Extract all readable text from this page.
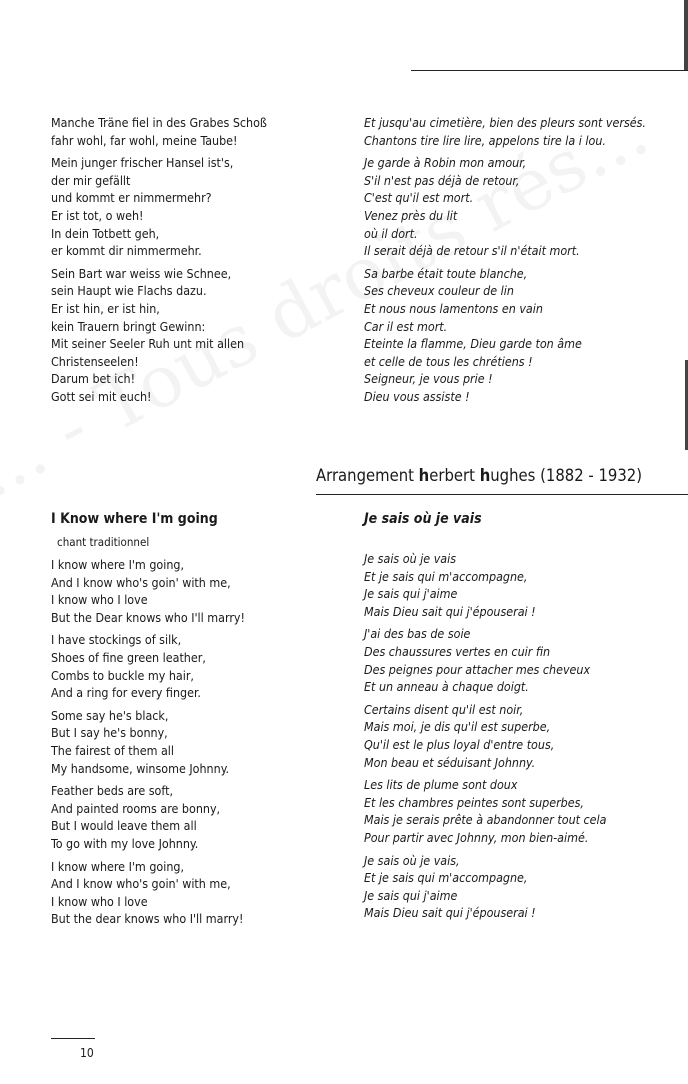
Manche Träne fiel in des Grabes Schoß
fahr wohl, far wohl, meine Taube!
Mein junger frischer Hansel ist's,
der mir gefällt
und kommt er nimmermehr?
Er ist tot, o weh!
In dein Totbett geh,
er kommt dir nimmermehr.
Sein Bart war weiss wie Schnee,
sein Haupt wie Flachs dazu.
Er ist hin, er ist hin,
kein Trauern bringt Gewinn:
Mit seiner Seeler Ruh unt mit allen
Christenseelen!
Darum bet ich!
Gott sei mit euch!
Et jusqu'au cimetière, bien des pleurs sont versés.
Chantons tire lire lire, appelons tire la i lou.
Je garde à Robin mon amour,
S'il n'est pas déjà de retour,
C'est qu'il est mort.
Venez près du lit
où il dort.
Il serait déjà de retour s'il n'était mort.
Sa barbe était toute blanche,
Ses cheveux couleur de lin
Et nous nous lamentons en vain
Car il est mort.
Eteinte la flamme, Dieu garde ton âme
et celle de tous les chrétiens !
Seigneur, je vous prie !
Dieu vous assiste !
Arrangement herbert hughes (1882 - 1932)
I Know where I'm going
chant traditionnel
I know where I'm going,
And I know who's goin' with me,
I know who I love
But the Dear knows who I'll marry!
I have stockings of silk,
Shoes of fine green leather,
Combs to buckle my hair,
And a ring for every finger.
Some say he's black,
But I say he's bonny,
The fairest of them all
My handsome, winsome Johnny.
Feather beds are soft,
And painted rooms are bonny,
But I would leave them all
To go with my love Johnny.
I know where I'm going,
And I know who's goin' with me,
I know who I love
But the dear knows who I'll marry!
Je sais où je vais
Je sais où je vais
Et je sais qui m'accompagne,
Je sais qui j'aime
Mais Dieu sait qui j'épouserai !
J'ai des bas de soie
Des chaussures vertes en cuir fin
Des peignes pour attacher mes cheveux
Et un anneau à chaque doigt.
Certains disent qu'il est noir,
Mais moi, je dis qu'il est superbe,
Qu'il est le plus loyal d'entre tous,
Mon beau et séduisant Johnny.
Les lits de plume sont doux
Et les chambres peintes sont superbes,
Mais je serais prête à abandonner tout cela
Pour partir avec Johnny, mon bien-aimé.
Je sais où je vais,
Et je sais qui m'accompagne,
Je sais qui j'aime
Mais Dieu sait qui j'épouserai !
10
